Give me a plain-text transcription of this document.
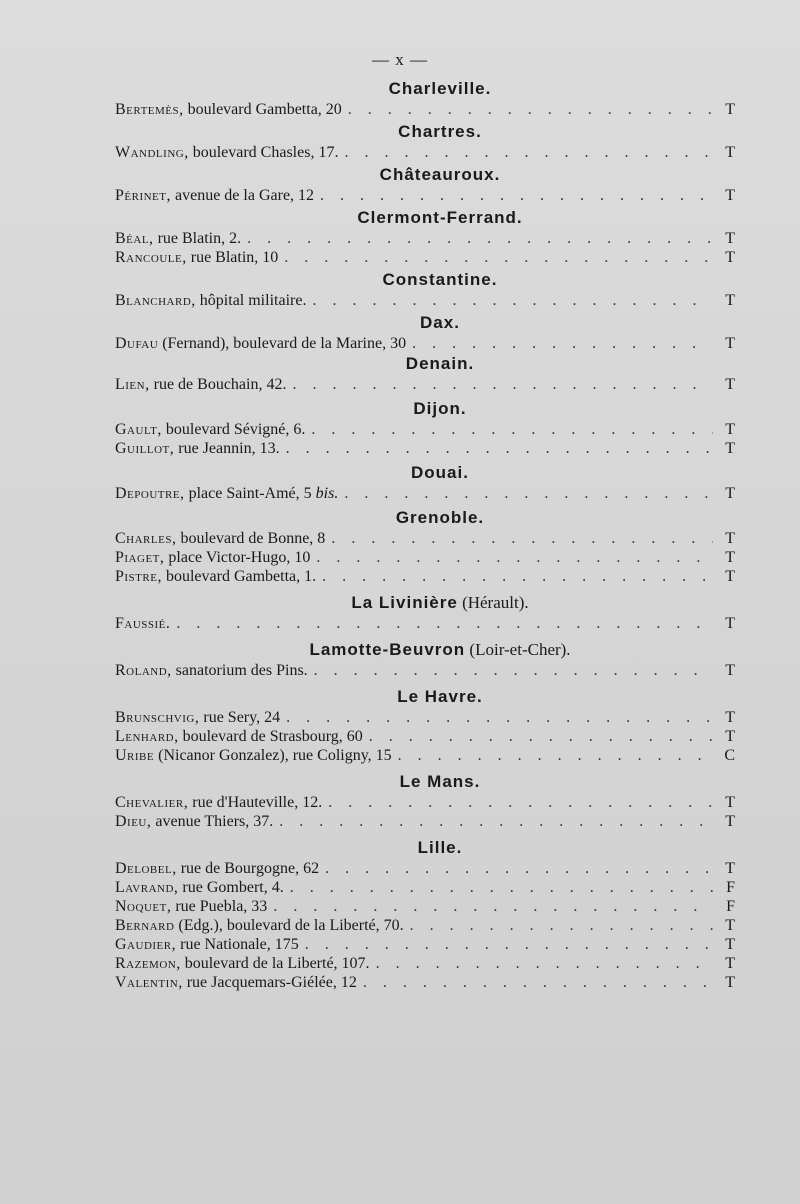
— x —
Charleville.
Bertemès, boulevard Gambetta, 20 . . .	T
Chartres.
Wandling, boulevard Chasles, 17. . . .	T
Châteauroux.
Périnet, avenue de la Gare, 12 . . .	T
Clermont-Ferrand.
Béal, rue Blatin, 2. . . .	T
Rancoule, rue Blatin, 10 . . .	T
Constantine.
Blanchard, hôpital militaire. . . .	T
Dax.
Dufau (Fernand), boulevard de la Marine, 30 . . .	T
Denain.
Lien, rue de Bouchain, 42. . . .	T
Dijon.
Gault, boulevard Sévigné, 6. . . .	T
Guillot, rue Jeannin, 13. . . .	T
Douai.
Depoutre, place Saint-Amé, 5 bis. . . .	T
Grenoble.
Charles, boulevard de Bonne, 8 . . .	T
Piaget, place Victor-Hugo, 10 . . .	T
Pistre, boulevard Gambetta, 1. . . .	T
La Livinière (Hérault).
Faussié. . . .	T
Lamotte-Beuvron (Loir-et-Cher).
Roland, sanatorium des Pins. . . .	T
Le Havre.
Brunschvig, rue Sery, 24 . . .	T
Lenhard, boulevard de Strasbourg, 60 . . .	T
Uribe (Nicanor Gonzalez), rue Coligny, 15 . . .	C
Le Mans.
Chevalier, rue d'Hauteville, 12. . . .	T
Dieu, avenue Thiers, 37. . . .	T
Lille.
Delobel, rue de Bourgogne, 62 . . .	T
Lavrand, rue Gombert, 4. . . .	F
Noquet, rue Puebla, 33 . . .	F
Bernard (Edg.), boulevard de la Liberté, 70. . . .	T
Gaudier, rue Nationale, 175 . . .	T
Razemon, boulevard de la Liberté, 107. . . .	T
Valentin, rue Jacquemars-Giélée, 12 . . .	T
